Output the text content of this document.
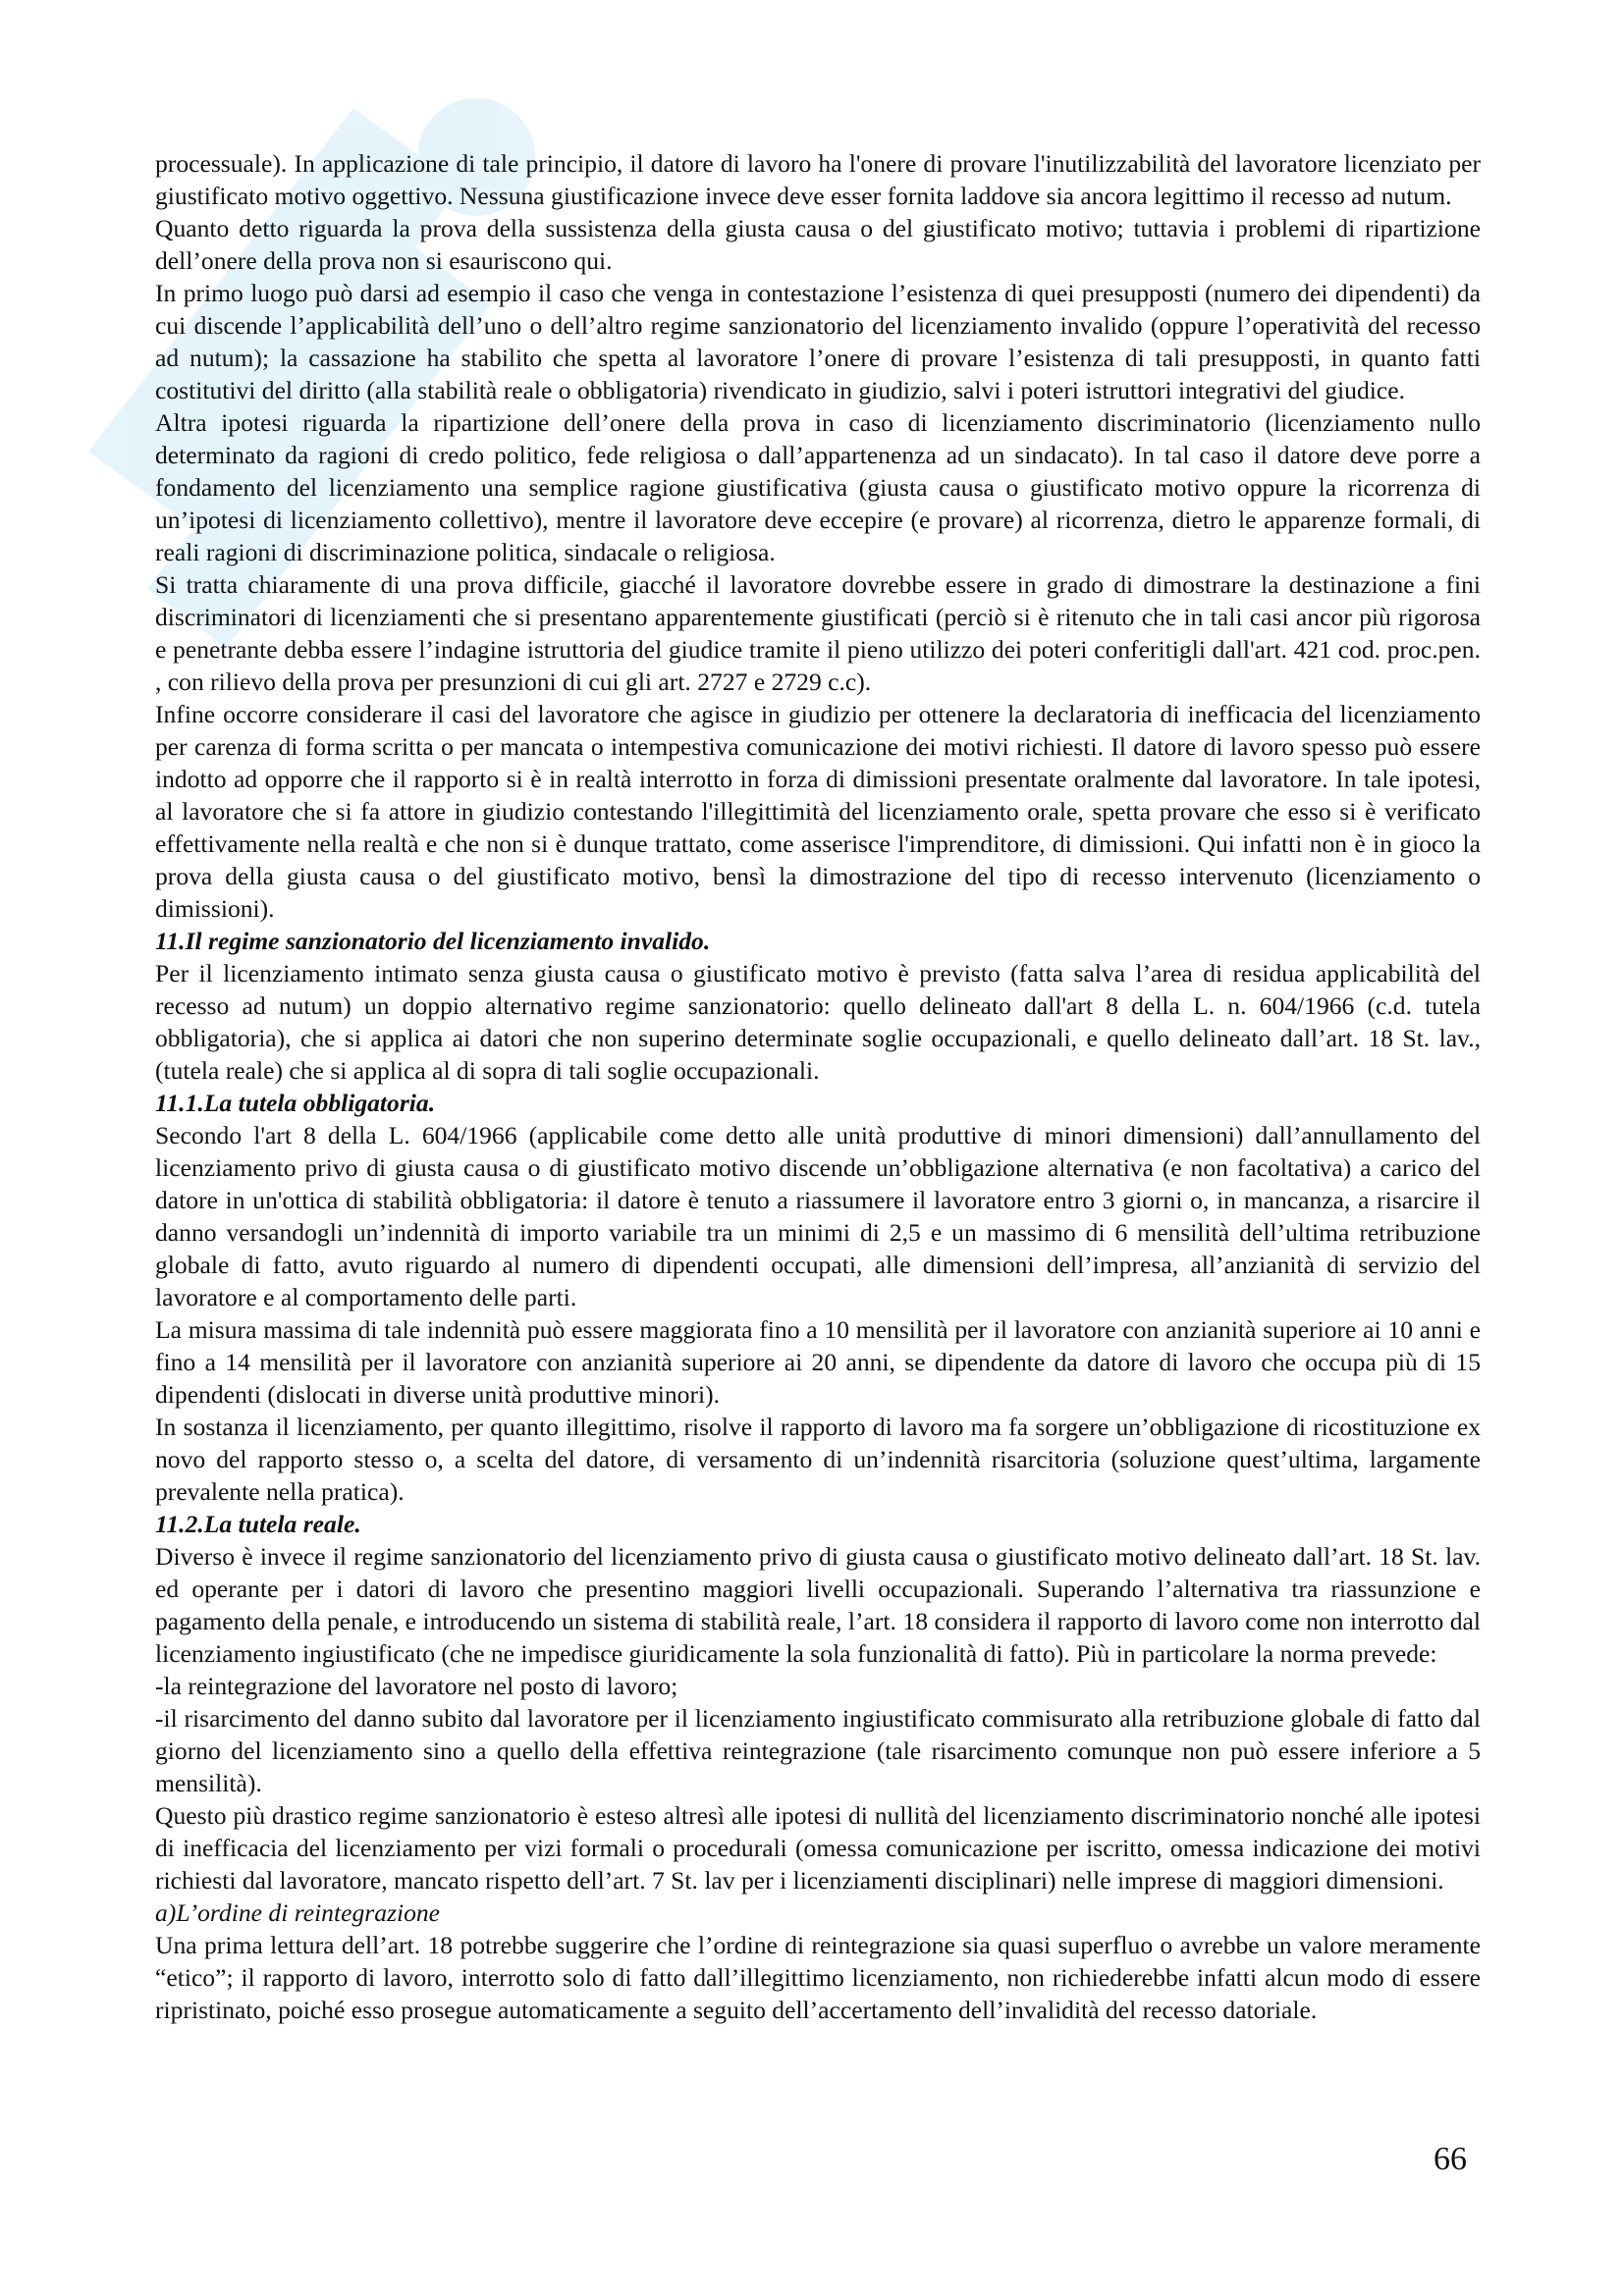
processuale). In applicazione di tale principio, il datore di lavoro ha l'onere di provare l'inutilizzabilità del lavoratore licenziato per giustificato motivo oggettivo. Nessuna giustificazione invece deve esser fornita laddove sia ancora legittimo il recesso ad nutum.

Quanto detto riguarda la prova della sussistenza della giusta causa o del giustificato motivo; tuttavia i problemi di ripartizione dell’onere della prova non si esauriscono qui.

In primo luogo può darsi ad esempio il caso che venga in contestazione l’esistenza di quei presupposti (numero dei dipendenti) da cui discende l’applicabilità dell’uno o dell’altro regime sanzionatorio del licenziamento invalido (oppure l’operatività del recesso ad nutum); la cassazione ha stabilito che spetta al lavoratore l’onere di provare l’esistenza di tali presupposti, in quanto fatti costitutivi del diritto (alla stabilità reale o obbligatoria) rivendicato in giudizio, salvi i poteri istruttori integrativi del giudice.

Altra ipotesi riguarda la ripartizione dell’onere della prova in caso di licenziamento discriminatorio (licenziamento nullo determinato da ragioni di credo politico, fede religiosa o dall’appartenenza ad un sindacato). In tal caso il datore deve porre a fondamento del licenziamento una semplice ragione giustificativa (giusta causa o giustificato motivo oppure la ricorrenza di un’ipotesi di licenziamento collettivo), mentre il lavoratore deve eccepire (e provare) al ricorrenza, dietro le apparenze formali, di reali ragioni di discriminazione politica, sindacale o religiosa.

Si tratta chiaramente di una prova difficile, giacché il lavoratore dovrebbe essere in grado di dimostrare la destinazione a fini discriminatori di licenziamenti che si presentano apparentemente giustificati (perciò si è ritenuto che in tali casi ancor più rigorosa e penetrante debba essere l’indagine istruttoria del giudice tramite il pieno utilizzo dei poteri conferitigli dall'art. 421 cod. proc.pen. , con rilievo della prova per presunzioni di cui gli art. 2727 e 2729 c.c).

Infine occorre considerare il casi del lavoratore che agisce in giudizio per ottenere la declaratoria di inefficacia del licenziamento per carenza di forma scritta o per mancata o intempestiva comunicazione dei motivi richiesti. Il datore di lavoro spesso può essere indotto ad opporre che il rapporto si è in realtà interrotto in forza di dimissioni presentate oralmente dal lavoratore. In tale ipotesi, al lavoratore che si fa attore in giudizio contestando l'illegittimità del licenziamento orale, spetta provare che esso si è verificato effettivamente nella realtà e che non si è dunque trattato, come asserisce l'imprenditore, di dimissioni. Qui infatti non è in gioco la prova della giusta causa o del giustificato motivo, bensì la dimostrazione del tipo di recesso intervenuto (licenziamento o dimissioni).

11.Il regime sanzionatorio del licenziamento invalido.

Per il licenziamento intimato senza giusta causa o giustificato motivo è previsto (fatta salva l’area di residua applicabilità del recesso ad nutum) un doppio alternativo regime sanzionatorio: quello delineato dall'art 8 della L. n. 604/1966 (c.d. tutela obbligatoria), che si applica ai datori che non superino determinate soglie occupazionali, e quello delineato dall’art. 18 St. lav., (tutela reale) che si applica al di sopra di tali soglie occupazionali.

11.1.La tutela obbligatoria.

Secondo l'art 8 della L. 604/1966 (applicabile come detto alle unità produttive di minori dimensioni) dall’annullamento del licenziamento privo di giusta causa o di giustificato motivo discende un’obbligazione alternativa (e non facoltativa) a carico del datore in un'ottica di stabilità obbligatoria: il datore è tenuto a riassumere il lavoratore entro 3 giorni o, in mancanza, a risarcire il danno versandogli un’indennità di importo variabile tra un minimi di 2,5 e un massimo di 6 mensilità dell’ultima retribuzione globale di fatto, avuto riguardo al numero di dipendenti occupati, alle dimensioni dell’impresa, all’anzianità di servizio del lavoratore e al comportamento delle parti.

La misura massima di tale indennità può essere maggiorata fino a 10 mensilità per il lavoratore con anzianità superiore ai 10 anni e fino a 14 mensilità per il lavoratore con anzianità superiore ai 20 anni, se dipendente da datore di lavoro che occupa più di 15 dipendenti (dislocati in diverse unità produttive minori).

In sostanza il licenziamento, per quanto illegittimo, risolve il rapporto di lavoro ma fa sorgere un’obbligazione di ricostituzione ex novo del rapporto stesso o, a scelta del datore, di versamento di un’indennità risarcitoria (soluzione quest’ultima, largamente prevalente nella pratica).

11.2.La tutela reale.

Diverso è invece il regime sanzionatorio del licenziamento privo di giusta causa o giustificato motivo delineato dall’art. 18 St. lav. ed operante per i datori di lavoro che presentino maggiori livelli occupazionali. Superando l’alternativa tra riassunzione e pagamento della penale, e introducendo un sistema di stabilità reale, l’art. 18 considera il rapporto di lavoro come non interrotto dal licenziamento ingiustificato (che ne impedisce giuridicamente la sola funzionalità di fatto). Più in particolare la norma prevede:

-la reintegrazione del lavoratore nel posto di lavoro;

-il risarcimento del danno subito dal lavoratore per il licenziamento ingiustificato commisurato alla retribuzione globale di fatto dal giorno del licenziamento sino a quello della effettiva reintegrazione (tale risarcimento comunque non può essere inferiore a 5 mensilità).

Questo più drastico regime sanzionatorio è esteso altresì alle ipotesi di nullità del licenziamento discriminatorio nonché alle ipotesi di inefficacia del licenziamento per vizi formali o procedurali (omessa comunicazione per iscritto, omessa indicazione dei motivi richiesti dal lavoratore, mancato rispetto dell’art. 7 St. lav per i licenziamenti disciplinari) nelle imprese di maggiori dimensioni.

a)L’ordine di reintegrazione

Una prima lettura dell’art. 18 potrebbe suggerire che l’ordine di reintegrazione sia quasi superfluo o avrebbe un valore meramente “etico”; il rapporto di lavoro, interrotto solo di fatto dall’illegittimo licenziamento, non richiederebbe infatti alcun modo di essere ripristinato, poiché esso prosegue automaticamente a seguito dell’accertamento dell’invalidità del recesso datoriale.

66
